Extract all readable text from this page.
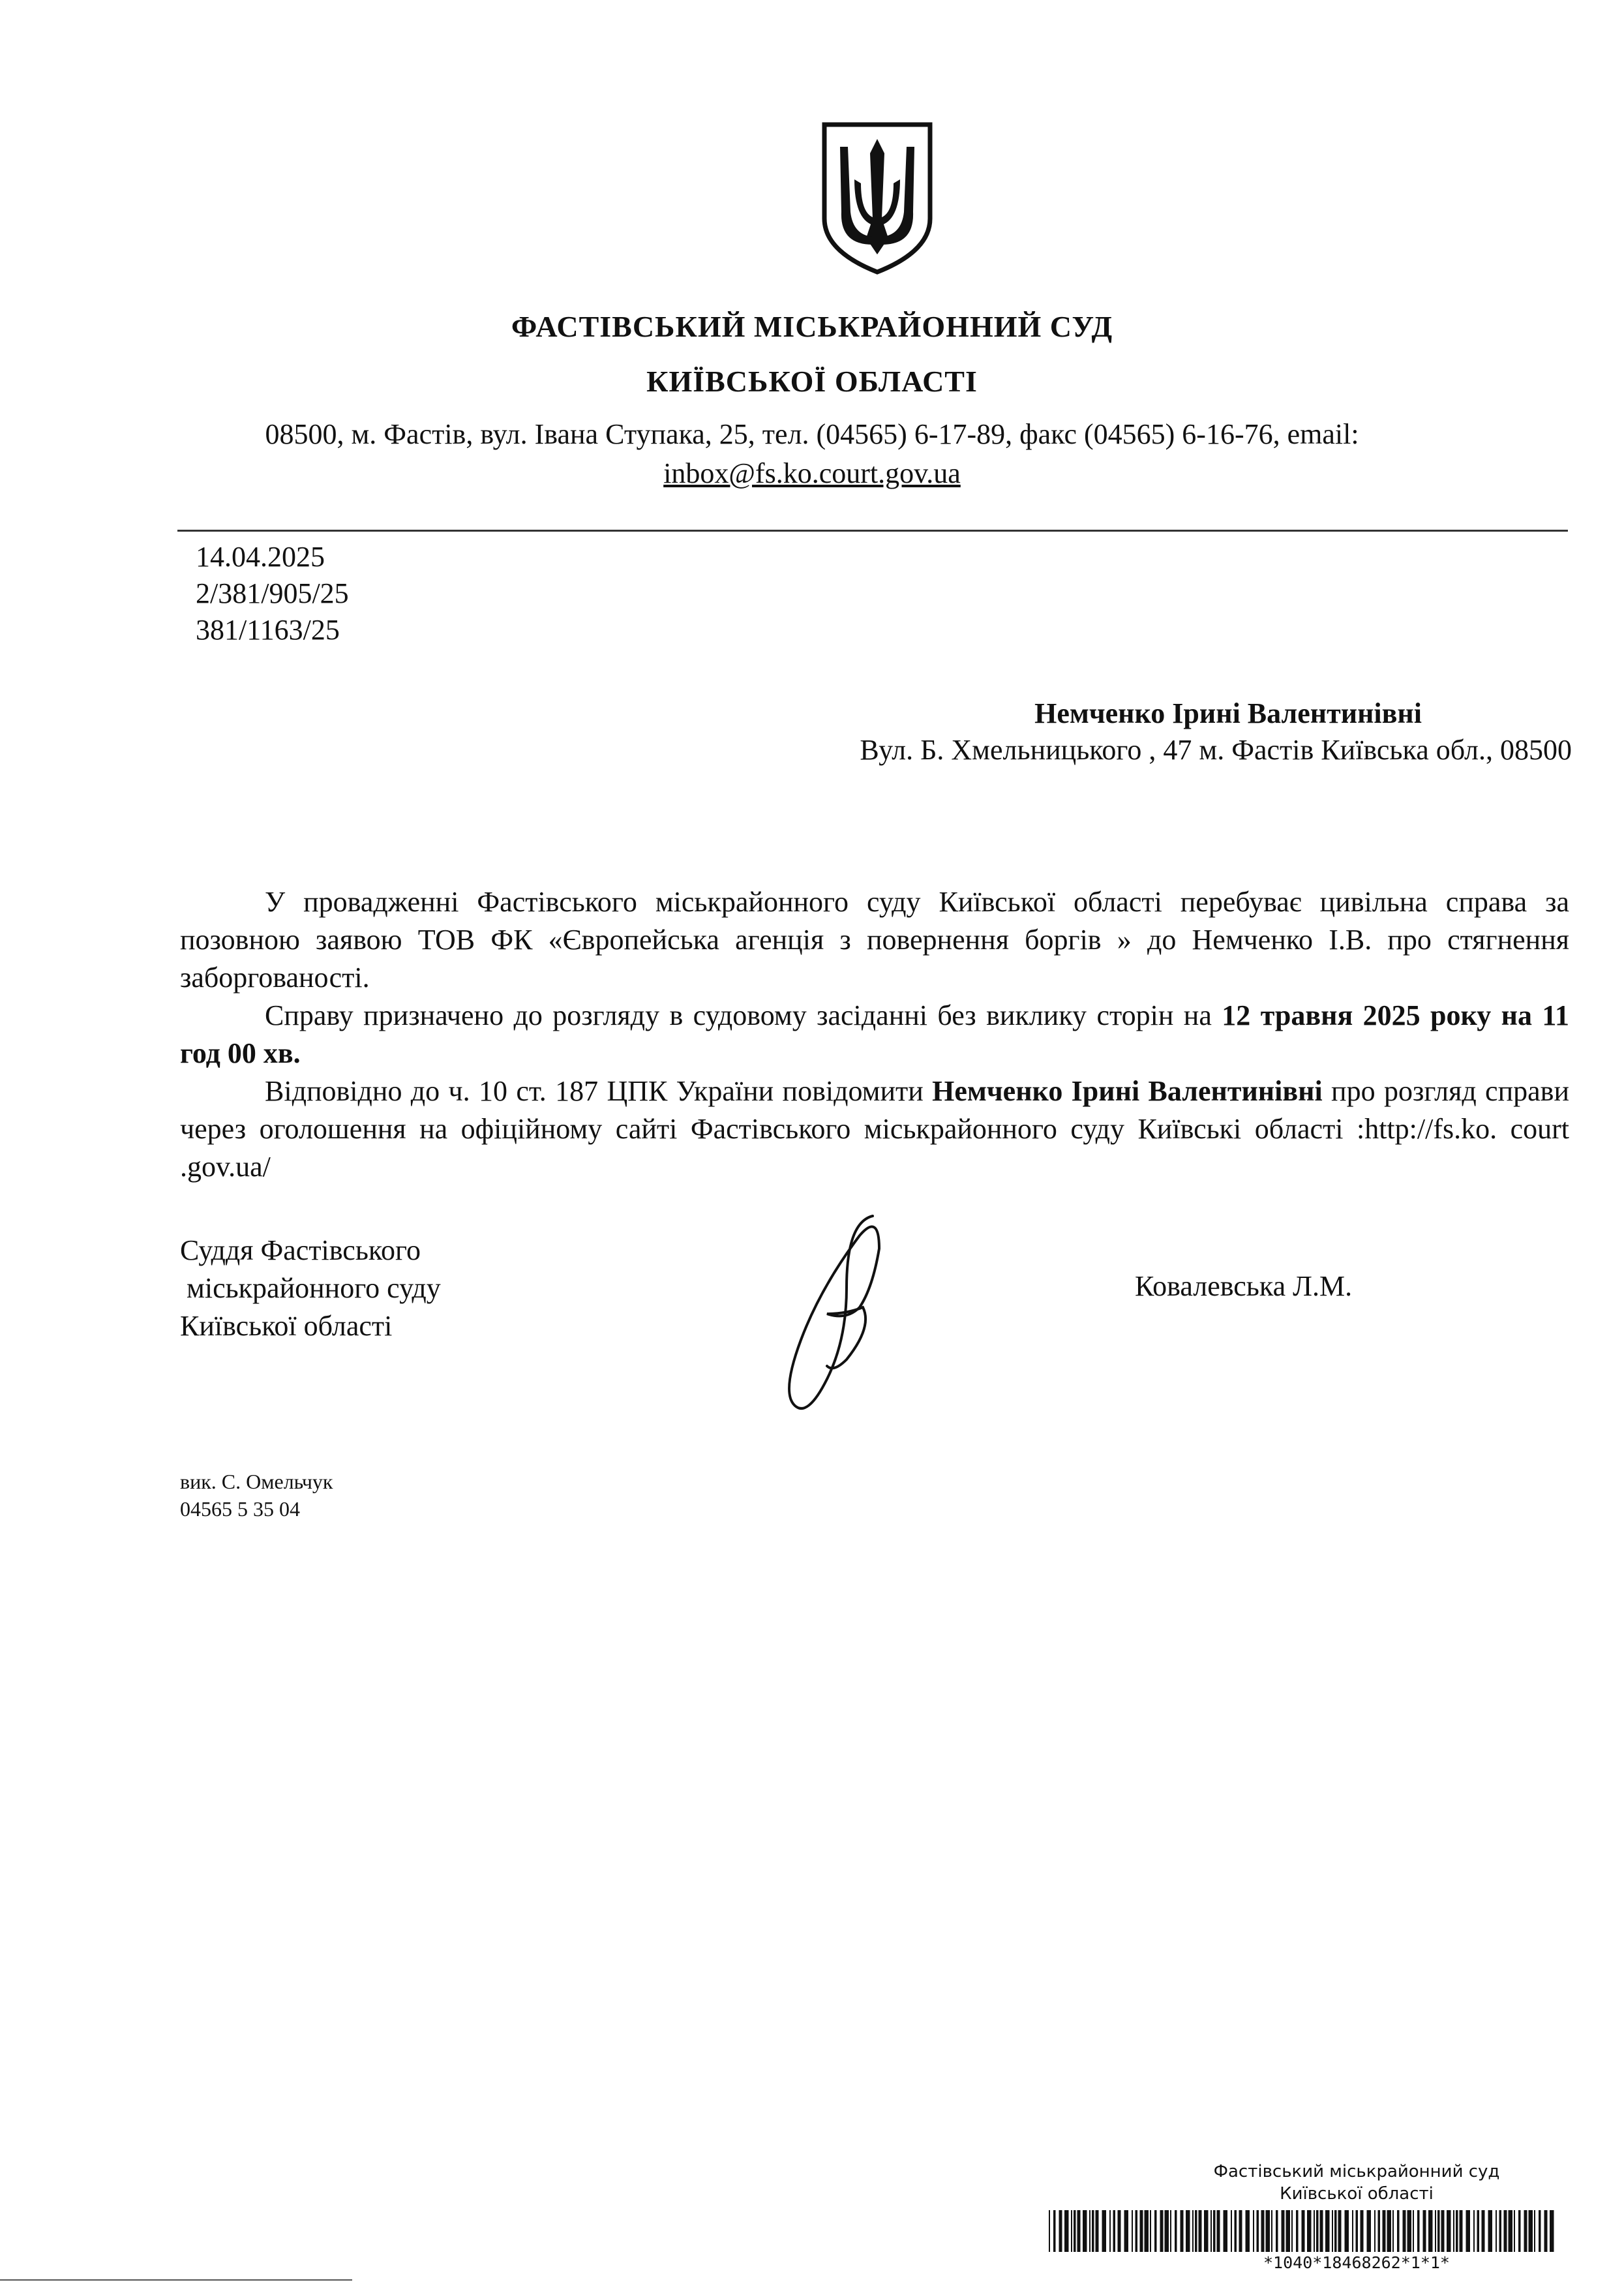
ФАСТІВСЬКИЙ МІСЬКРАЙОННИЙ СУД
КИЇВСЬКОЇ ОБЛАСТІ
08500, м. Фастів, вул. Івана Ступака, 25, тел. (04565) 6-17-89, факс (04565) 6-16-76, email:
inbox@fs.ko.court.gov.ua
14.04.2025
2/381/905/25
381/1163/25
Немченко Ірині Валентинівні
Вул. Б. Хмельницького , 47 м. Фастів Київська обл., 08500

У провадженні Фастівського міськрайонного суду Київської області перебуває цивільна справа за позовною заявою ТОВ ФК «Європейська агенція з повернення боргів » до Немченко І.В. про стягнення заборгованості.

Справу призначено до розгляду в судовому засіданні без виклику сторін на 12 травня 2025 року на 11 год 00 хв.

Відповідно до ч. 10 ст. 187 ЦПК України повідомити Немченко Ірині Валентинівні про розгляд справи через оголошення на офіційному сайті Фастівського міськрайонного суду Київські області :http://fs.ko. court .gov.ua/

Суддя Фастівського
міськрайонного суду
Київської області
Ковалевська Л.М.
вик. С. Омельчук
04565 5 35 04
Фастівський міськрайонний суд
Київської області
*1040*18468262*1*1*
